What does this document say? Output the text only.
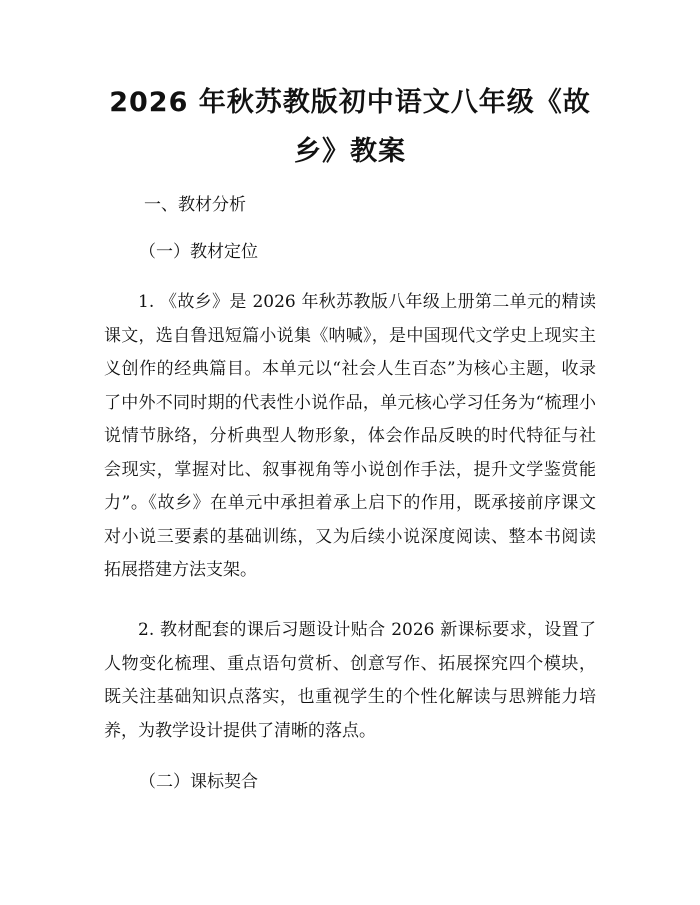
2026 年秋苏教版初中语文八年级《故乡》教案
一、教材分析
（一）教材定位

1. 《故乡》是 2026 年秋苏教版八年级上册第二单元的精读课文，选自鲁迅短篇小说集《呐喊》，是中国现代文学史上现实主义创作的经典篇目。本单元以“社会人生百态”为核心主题，收录了中外不同时期的代表性小说作品，单元核心学习任务为“梳理小说情节脉络，分析典型人物形象，体会作品反映的时代特征与社会现实，掌握对比、叙事视角等小说创作手法，提升文学鉴赏能力”。《故乡》在单元中承担着承上启下的作用，既承接前序课文对小说三要素的基础训练，又为后续小说深度阅读、整本书阅读拓展搭建方法支架。

2. 教材配套的课后习题设计贴合 2026 新课标要求，设置了人物变化梳理、重点语句赏析、创意写作、拓展探究四个模块，既关注基础知识点落实，也重视学生的个性化解读与思辨能力培养，为教学设计提供了清晰的落点。

（二）课标契合
